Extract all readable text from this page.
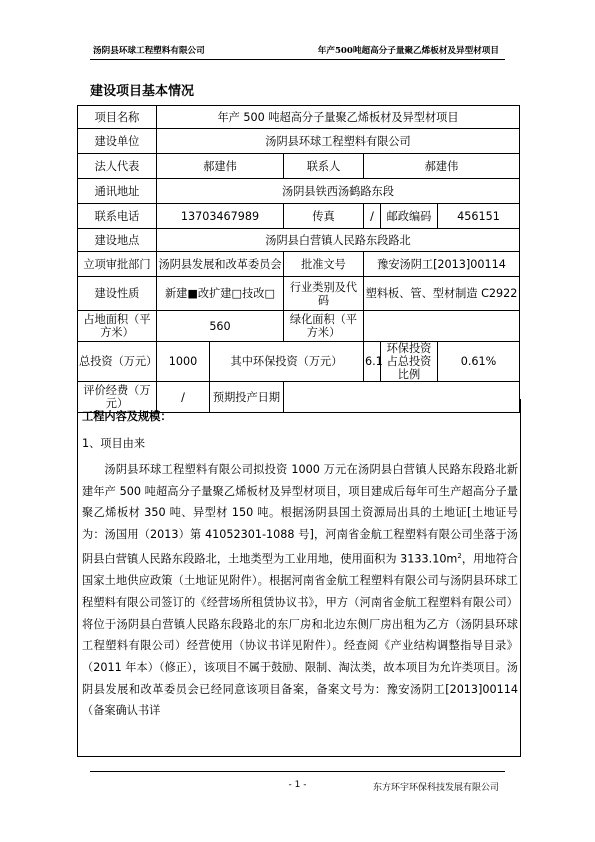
汤阴县环球工程塑料有限公司	年产500吨超高分子量聚乙烯板材及异型材项目
建设项目基本情况
项目名称	年产 500 吨超高分子量聚乙烯板材及异型材项目					
建设单位	汤阴县环球工程塑料有限公司					
法人代表	郝建伟		联系人	郝建伟		
通讯地址	汤阴县铁西汤鹤路东段					
联系电话	13703467989		传真	/	邮政编码	456151
建设地点	汤阴县白营镇人民路东段路北					
立项审批部门	汤阴县发展和改革委员会		批准文号	豫安汤阴工[2013]00114		
建设性质	新建■改扩建□技改□		行业类别及代码	塑料板、管、型材制造 C2922		
占地面积（平方米）	560		绿化面积（平方米）			
总投资（万元）	1000	其中环保投资（万元）		6.1	环保投资占总投资比例	0.61%
评价经费（万元）	/	预期投产日期				
工程内容及规模：
1、项目由来

汤阴县环球工程塑料有限公司拟投资 1000 万元在汤阴县白营镇人民路东段路北新建年产 500 吨超高分子量聚乙烯板材及异型材项目，项目建成后每年可生产超高分子量聚乙烯板材 350 吨、异型材 150 吨。根据汤阴县国土资源局出具的土地证[土地证号为：汤国用（2013）第 41052301-1088 号]，河南省金航工程塑料有限公司坐落于汤阴县白营镇人民路东段路北，土地类型为工业用地，使用面积为 $3133.10m^2$，用地符合国家土地供应政策（土地证见附件）。根据河南省金航工程塑料有限公司与汤阴县环球工程塑料有限公司签订的《经营场所租赁协议书》，甲方（河南省金航工程塑料有限公司）将位于汤阴县白营镇人民路东段路北的东厂房和北边东侧厂房出租为乙方（汤阴县环球工程塑料有限公司）经营使用（协议书详见附件）。经查阅《产业结构调整指导目录》（2011 年本）（修正），该项目不属于鼓励、限制、淘汰类，故本项目为允许类项目。汤阴县发展和改革委员会已经同意该项目备案，备案文号为：豫安汤阴工[2013]00114（备案确认书详

- 1 -	东方环宇环保科技发展有限公司
